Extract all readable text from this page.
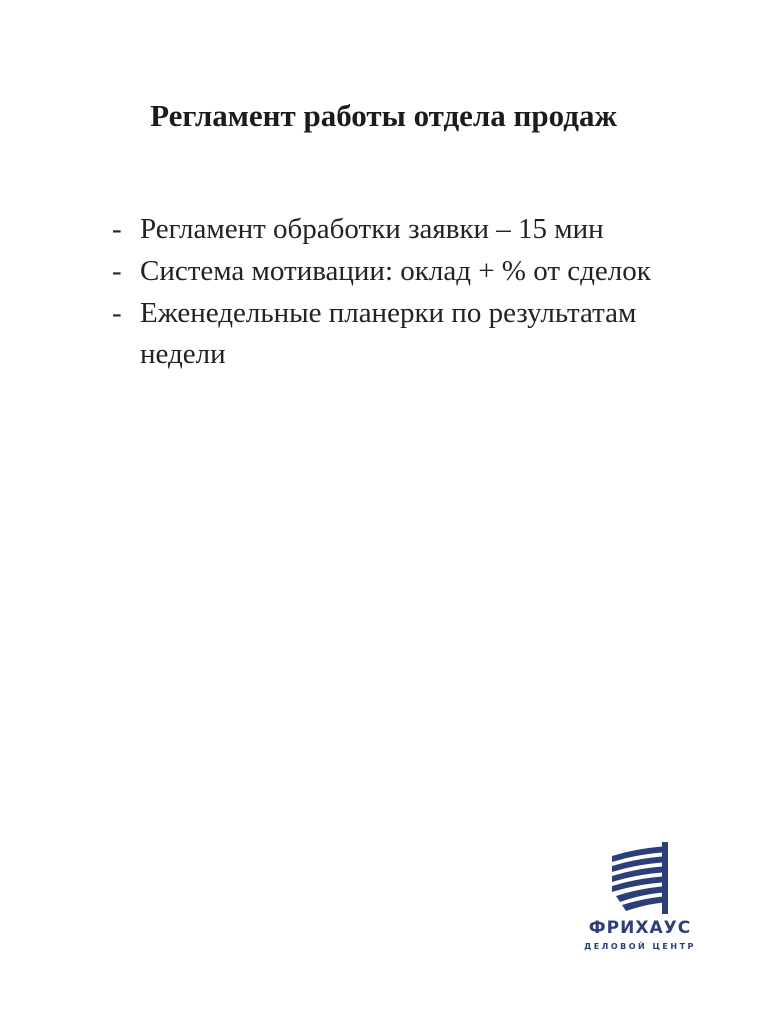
Регламент работы отдела продаж
- Регламент обработки заявки – 15 мин
- Система мотивации: оклад + % от сделок
- Еженедельные планерки по результатам недели
ФРИХАУС
ДЕЛОВОЙ ЦЕНТР
